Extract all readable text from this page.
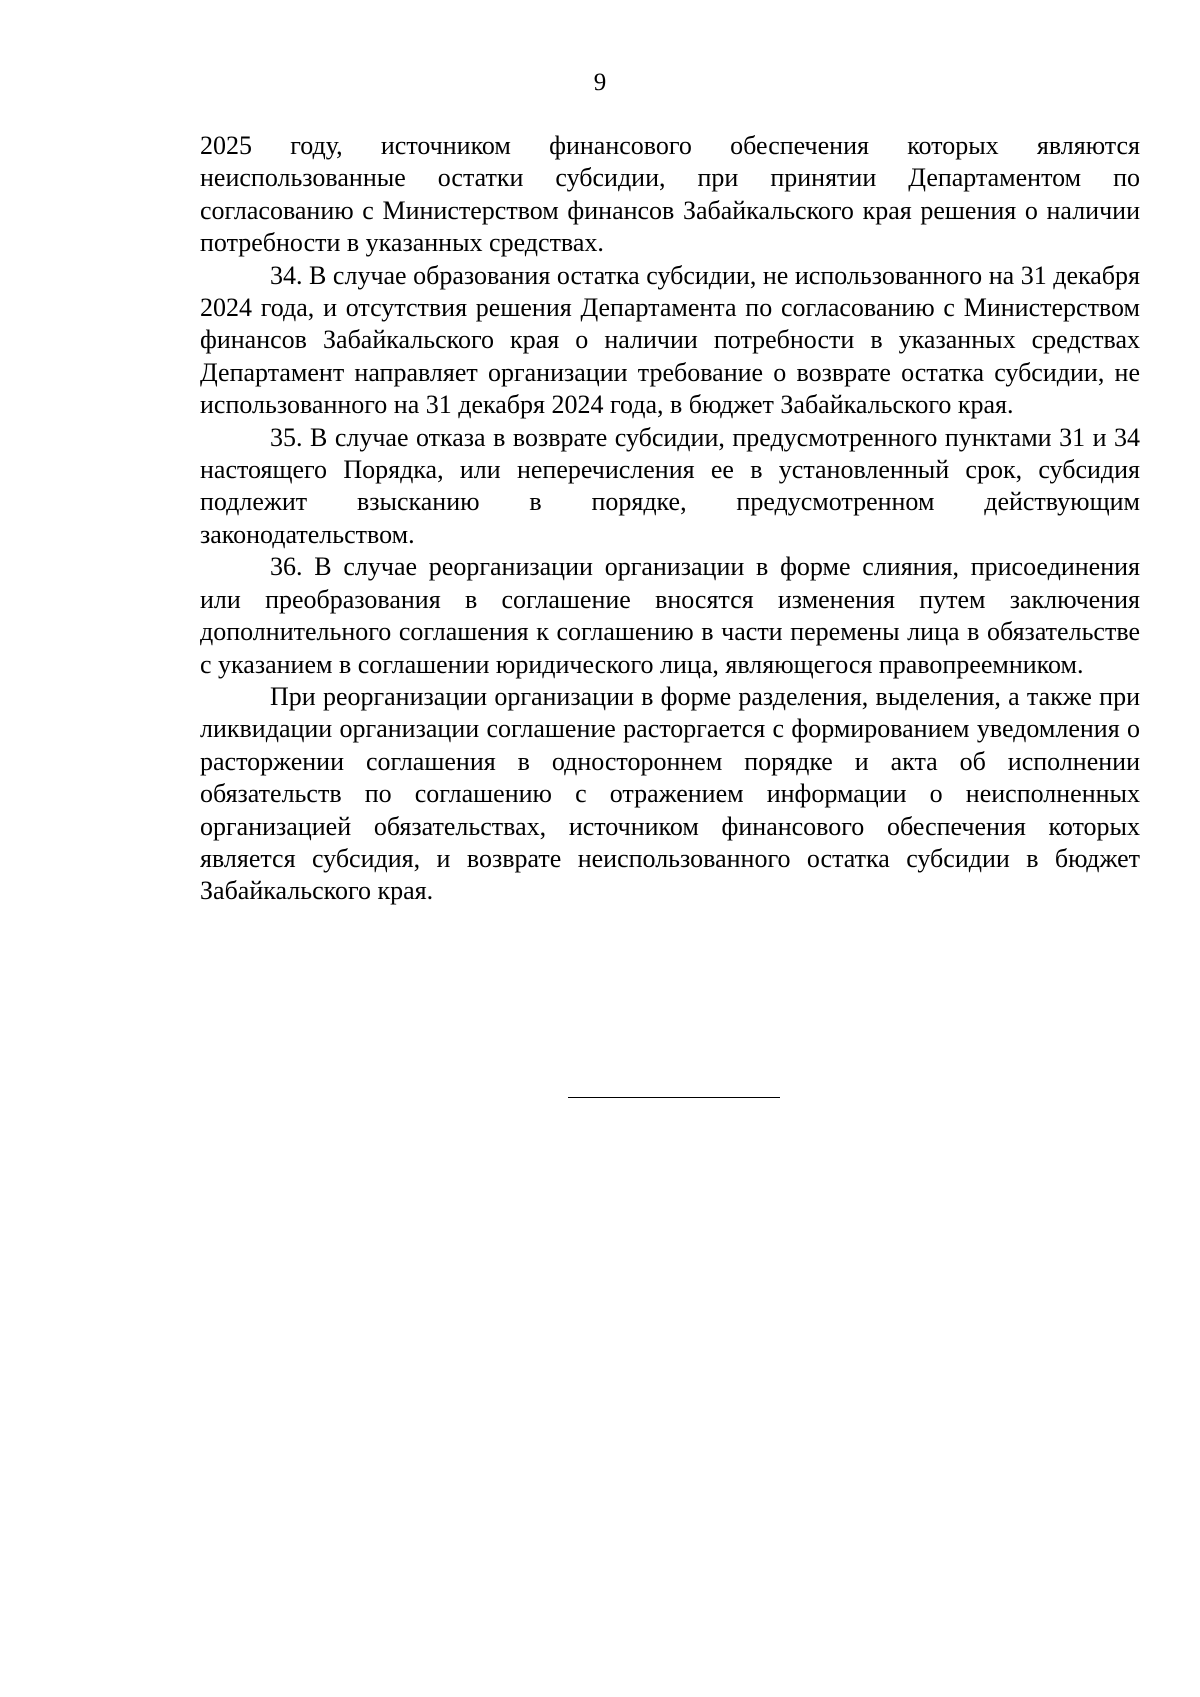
9

2025 году, источником финансового обеспечения которых являются неиспользованные остатки субсидии, при принятии Департаментом по согласованию с Министерством финансов Забайкальского края решения о наличии потребности в указанных средствах.

34. В случае образования остатка субсидии, не использованного на 31 декабря 2024 года, и отсутствия решения Департамента по согласованию с Министерством финансов Забайкальского края о наличии потребности в указанных средствах Департамент направляет организации требование о возврате остатка субсидии, не использованного на 31 декабря 2024 года, в бюджет Забайкальского края.

35. В случае отказа в возврате субсидии, предусмотренного пунктами 31 и 34 настоящего Порядка, или неперечисления ее в установленный срок, субсидия подлежит взысканию в порядке, предусмотренном действующим законодательством.

36. В случае реорганизации организации в форме слияния, присоединения или преобразования в соглашение вносятся изменения путем заключения дополнительного соглашения к соглашению в части перемены лица в обязательстве с указанием в соглашении юридического лица, являющегося правопреемником.

При реорганизации организации в форме разделения, выделения, а также при ликвидации организации соглашение расторгается с формированием уведомления о расторжении соглашения в одностороннем порядке и акта об исполнении обязательств по соглашению с отражением информации о неисполненных организацией обязательствах, источником финансового обеспечения которых является субсидия, и возврате неиспользованного остатка субсидии в бюджет Забайкальского края.
